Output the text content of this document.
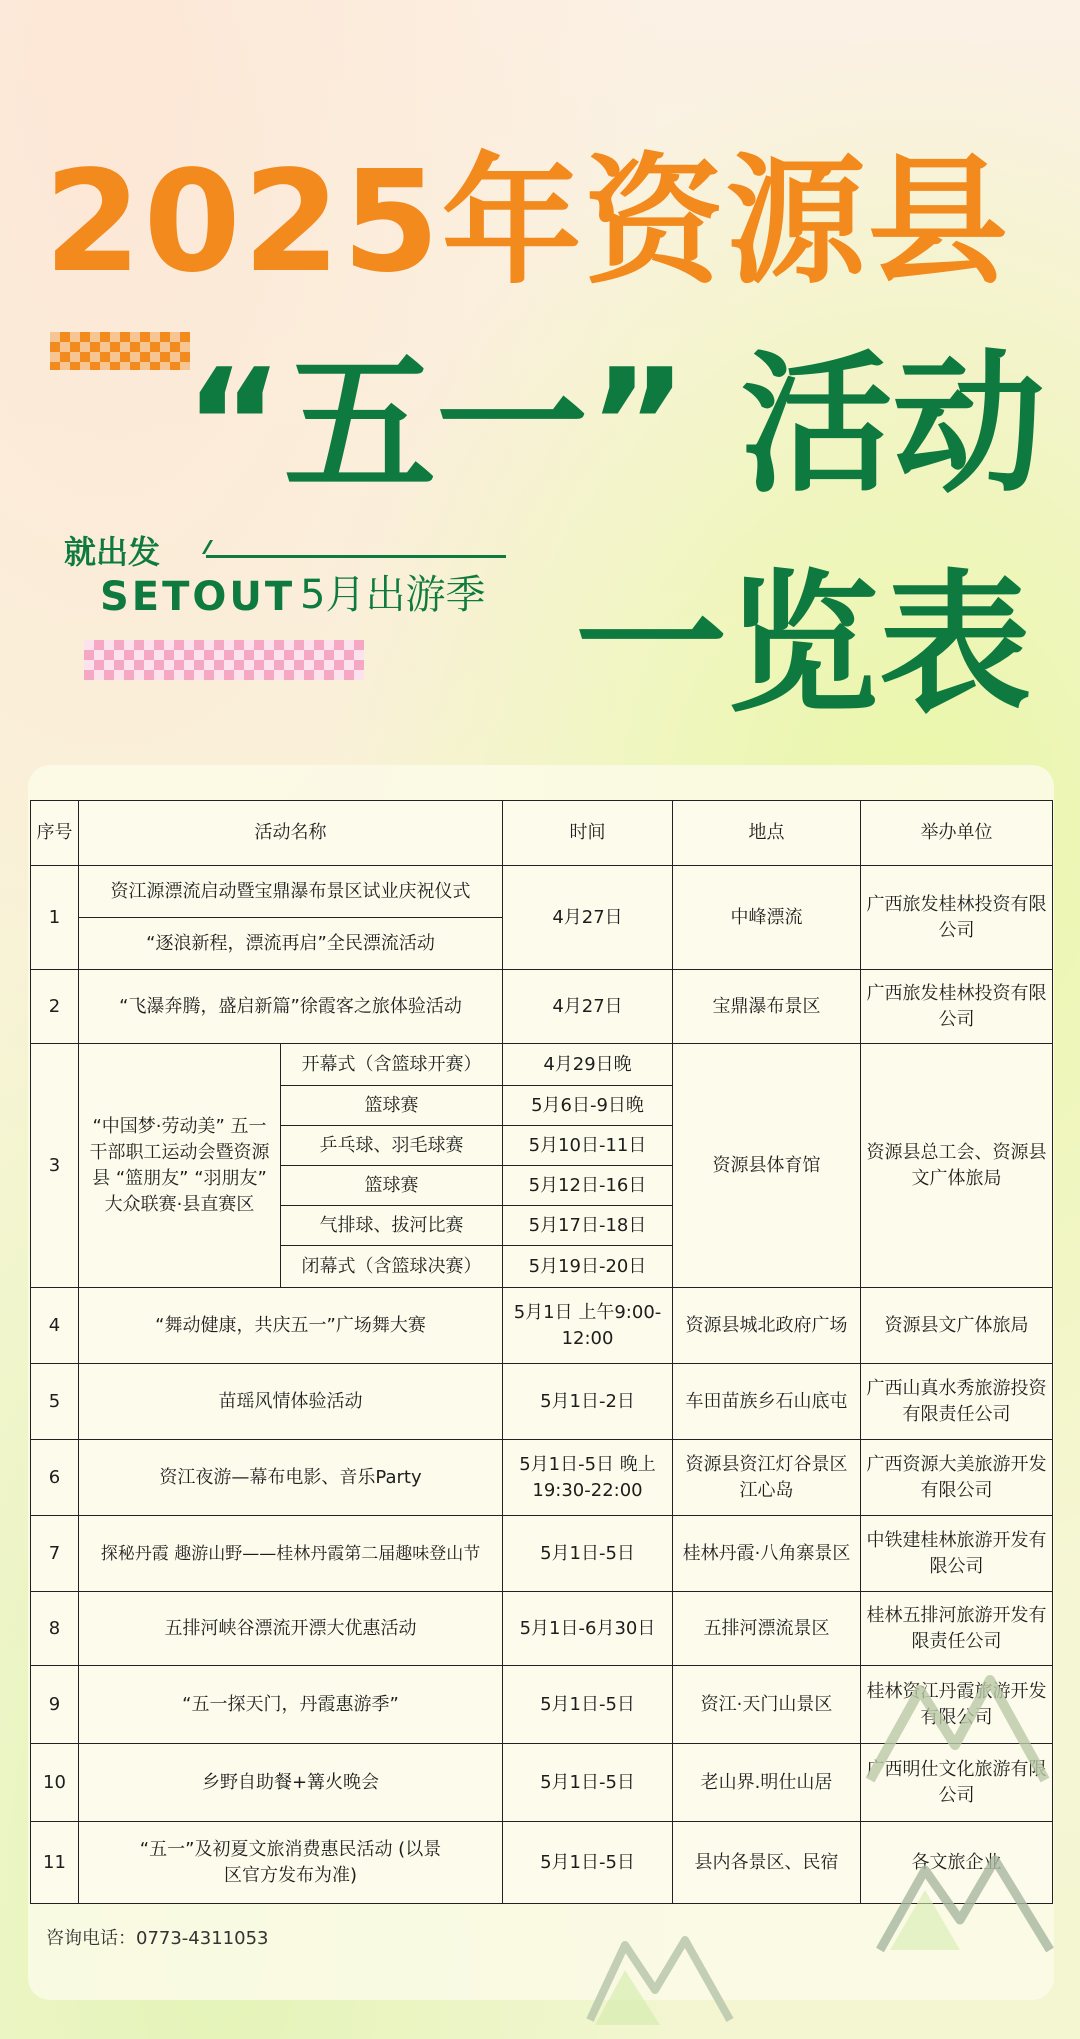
2025年资源县
“五一” 活动
就出发
SETOUT 5月出游季 一览表
序号	活动名称		时间	地点	举办单位
1	资江源漂流启动暨宝鼎瀑布景区试业庆祝仪式		4月27日	中峰漂流	广西旅发桂林投资有限公司
	“逐浪新程，漂流再启”全民漂流活动				
2	“飞瀑奔腾，盛启新篇”徐霞客之旅体验活动		4月27日	宝鼎瀑布景区	广西旅发桂林投资有限公司
3	“中国梦·劳动美” 五一干部职工运动会暨资源县 “篮朋友” “羽朋友” 大众联赛·县直赛区	开幕式（含篮球开赛）	4月29日晚	资源县体育馆	资源县总工会、资源县文广体旅局
		篮球赛	5月6日-9日晚		
		乒乓球、羽毛球赛	5月10日-11日		
		篮球赛	5月12日-16日		
		气排球、拔河比赛	5月17日-18日		
		闭幕式（含篮球决赛）	5月19日-20日		
4	“舞动健康，共庆五一”广场舞大赛		5月1日 上午9:00-12:00	资源县城北政府广场	资源县文广体旅局
5	苗瑶风情体验活动		5月1日-2日	车田苗族乡石山底屯	广西山真水秀旅游投资有限责任公司
6	资江夜游—幕布电影、音乐Party		5月1日-5日 晚上19:30-22:00	资源县资江灯谷景区江心岛	广西资源大美旅游开发有限公司
7	探秘丹霞 趣游山野——桂林丹霞第二届趣味登山节		5月1日-5日	桂林丹霞·八角寨景区	中铁建桂林旅游开发有限公司
8	五排河峡谷漂流开漂大优惠活动		5月1日-6月30日	五排河漂流景区	桂林五排河旅游开发有限责任公司
9	“五一探天门，丹霞惠游季”		5月1日-5日	资江·天门山景区	桂林资江丹霞旅游开发有限公司
10	乡野自助餐+篝火晚会		5月1日-5日	老山界.明仕山居	广西明仕文化旅游有限公司
11	“五一”及初夏文旅消费惠民活动 (以景区官方发布为准)		5月1日-5日	县内各景区、民宿	各文旅企业
咨询电话：0773-4311053
